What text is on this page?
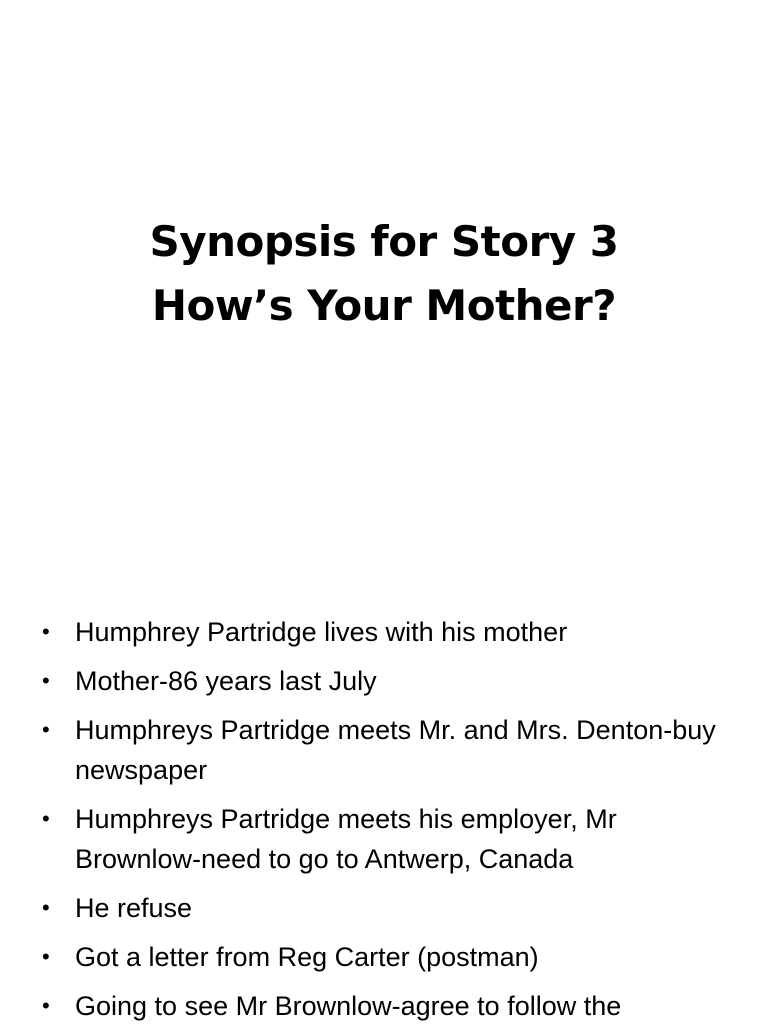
Synopsis for Story 3
How’s Your Mother?
• Humphrey Partridge lives with his mother
• Mother-86 years last July
• Humphreys Partridge meets Mr. and Mrs. Denton-buy newspaper
• Humphreys Partridge meets his employer, Mr Brownlow-need to go to Antwerp, Canada
• He refuse
• Got a letter from Reg Carter (postman)
• Going to see Mr Brownlow-agree to follow the
